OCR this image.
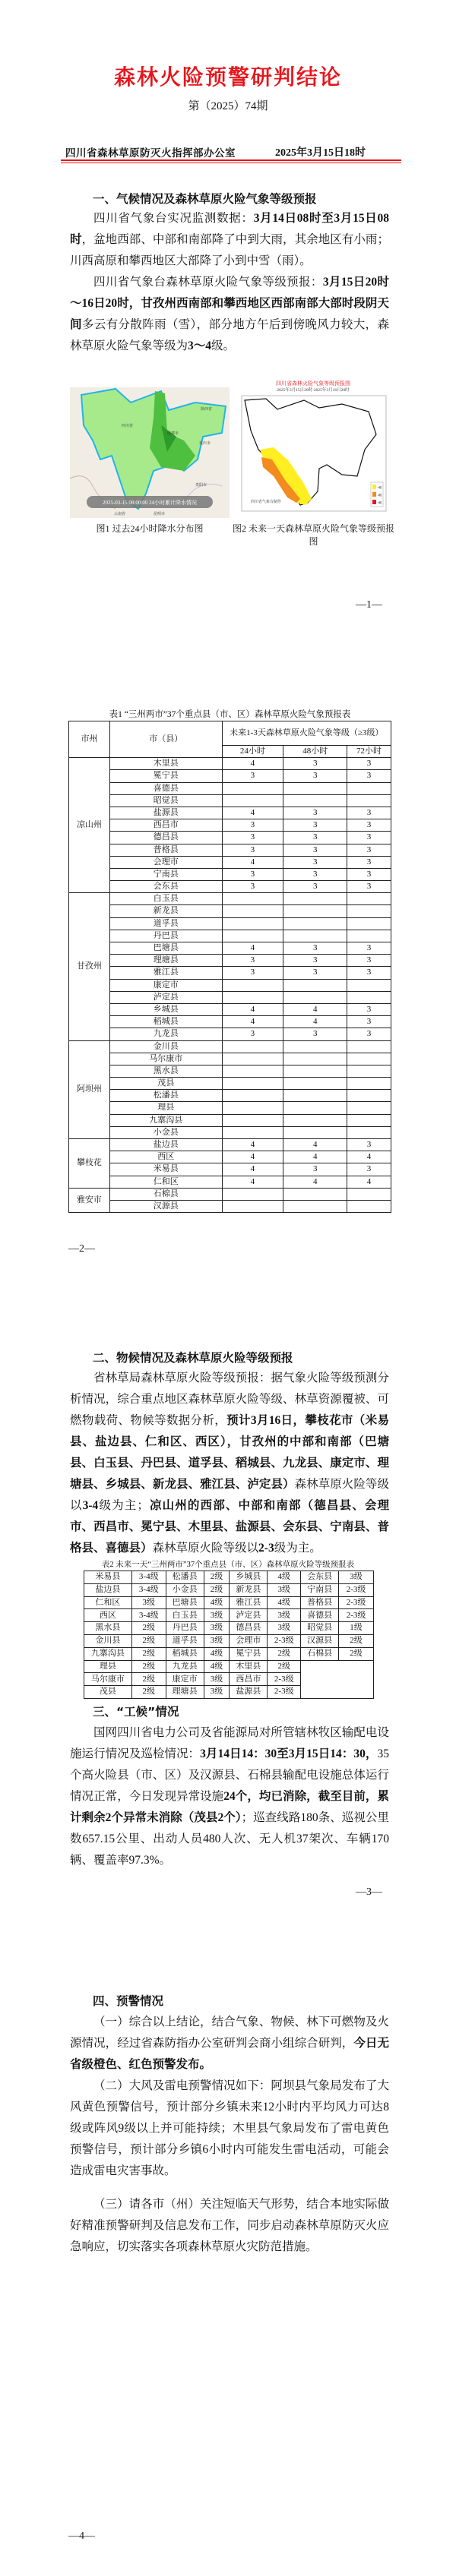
森林火险预警研判结论
第（2025）74期
四川省森林草原防灭火指挥部办公室	2025年3月15日18时
一、气候情况及森林草原火险气象等级预报
四川省气象台实况监测数据：3月14日08时至3月15日08时，盆地西部、中部和南部降了中到大雨，其余地区有小雨；川西高原和攀西地区大部降了小到中雪（雨）。
四川省气象台森林草原火险气象等级预报：3月15日20时～16日20时，甘孜州西南部和攀西地区西部南部大部时段阴天间多云有分散阵雨（雪），部分地方午后到傍晚风力较大，森林草原火险气象等级为3～4级。
四川省
成都市
重庆市
陕西省
贵阳市
2025-03-15 08:00:00 24小时累计降水情况
云南省	昆明市
图1 过去24小时降水分布图
四川省森林火险气象等级预报图
2025年3月15日20时-2025年3月16日20时
四川省气象台制作
3级
4级
5级
图2 未来一天森林草原火险气象等级预报图
—1—
表1 “三州两市”37个重点县（市、区）森林草原火险气象预报表
市州	市（县）	未来1-3天森林草原火险气象等级（≥3级）		
		24小时	48小时	72小时
凉山州	木里县	4	3	3
	冕宁县	3	3	3
	喜德县			
	昭觉县			
	盐源县	4	3	3
	西昌市	3	3	3
	德昌县	3	3	3
	普格县	3	3	3
	会理市	4	3	3
	宁南县	3	3	3
	会东县	3	3	3
甘孜州	白玉县			
	新龙县			
	道孚县			
	丹巴县			
	巴塘县	4	3	3
	理塘县	3	3	3
	雅江县	3	3	3
	康定市			
	泸定县			
	乡城县	4	4	3
	稻城县	4	4	3
	九龙县	3	3	3
阿坝州	金川县			
	马尔康市			
	黑水县			
	茂县			
	松潘县			
	理县			
	九寨沟县			
	小金县			
攀枝花	盐边县	4	4	3
	西区	4	4	4
	米易县	4	3	3
	仁和区	4	4	4
雅安市	石棉县			
	汉源县			
—2—
二、物候情况及森林草原火险等级预报
省林草局森林草原火险等级预报：据气象火险等级预测分析情况，综合重点地区森林草原火险等级、林草资源覆被、可燃物载荷、物候等数据分析，预计3月16日，攀枝花市（米易县、盐边县、仁和区、西区），甘孜州的中部和南部（巴塘县、白玉县、丹巴县、道孚县、稻城县、九龙县、康定市、理塘县、乡城县、新龙县、雅江县、泸定县）森林草原火险等级以3-4级为主；凉山州的西部、中部和南部（德昌县、会理市、西昌市、冕宁县、木里县、盐源县、会东县、宁南县、普格县、喜德县）森林草原火险等级以2-3级为主。
表2 未来一天“三州两市”37个重点县（市、区）森林草原火险等级预报表
米易县	3-4级	松潘县	2级	乡城县	4级	会东县	3级
盐边县	3-4级	小金县	2级	新龙县	3级	宁南县	2-3级
仁和区	3级	巴塘县	4级	雅江县	4级	普格县	2-3级
西区	3-4级	白玉县	3级	泸定县	3级	喜德县	2-3级
黑水县	2级	丹巴县	3级	德昌县	3级	昭觉县	1级
金川县	2级	道孚县	3级	会理市	2-3级	汉源县	2级
九寨沟县	2级	稻城县	4级	冕宁县	2级	石棉县	2级
理县	2级	九龙县	4级	木里县	2级		
马尔康市	2级	康定市	3级	西昌市	2-3级		
茂县	2级	理塘县	3级	盐源县	2-3级		
三、“工候”情况
国网四川省电力公司及省能源局对所管辖林牧区输配电设施运行情况及巡检情况：3月14日14：30至3月15日14：30，35个高火险县（市、区）及汉源县、石棉县输配电设施总体运行情况正常，今日发现异常设施24个，均已消除，截至目前，累计剩余2个异常未消除（茂县2个）；巡查线路180条、巡视公里数657.15公里、出动人员480人次、无人机37架次、车辆170辆、覆盖率97.3%。
—3—
四、预警情况
（一）综合以上结论，结合气象、物候、林下可燃物及火源情况，经过省森防指办公室研判会商小组综合研判，今日无省级橙色、红色预警发布。
（二）大风及雷电预警情况如下：阿坝县气象局发布了大风黄色预警信号，预计部分乡镇未来12小时内平均风力可达8级或阵风9级以上并可能持续；木里县气象局发布了雷电黄色预警信号，预计部分乡镇6小时内可能发生雷电活动，可能会造成雷电灾害事故。
（三）请各市（州）关注短临天气形势，结合本地实际做好精准预警研判及信息发布工作，同步启动森林草原防灭火应急响应，切实落实各项森林草原火灾防范措施。
—4—
